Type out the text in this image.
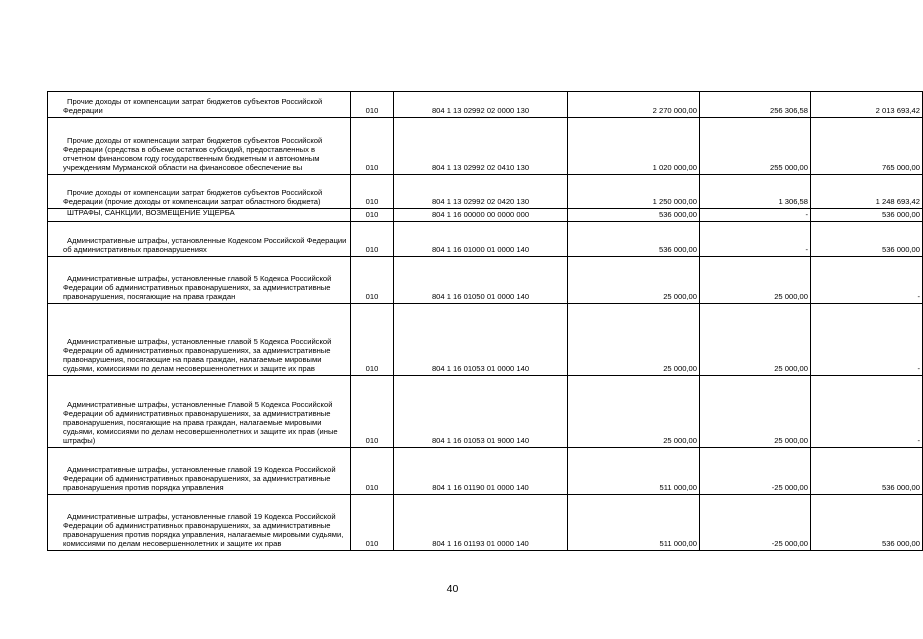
Прочие доходы от компенсации затрат бюджетов субъектов Российской Федерации	010	804 1 13 02992 02 0000 130	2 270 000,00	256 306,58	2 013 693,42

Прочие доходы от компенсации затрат бюджетов субъектов Российской Федерации (средства в объеме остатков субсидий, предоставленных в отчетном финансовом году государственным бюджетным и автономным учреждениям Мурманской области на финансовое обеспечение вы	010	804 1 13 02992 02 0410 130	1 020 000,00	255 000,00	765 000,00

Прочие доходы от компенсации затрат бюджетов субъектов Российской Федерации (прочие доходы от компенсации затрат областного бюджета)	010	804 1 13 02992 02 0420 130	1 250 000,00	1 306,58	1 248 693,42

ШТРАФЫ, САНКЦИИ, ВОЗМЕЩЕНИЕ УЩЕРБА	010	804 1 16 00000 00 0000 000	536 000,00	-	536 000,00

Административные штрафы, установленные Кодексом Российской Федерации об административных правонарушениях	010	804 1 16 01000 01 0000 140	536 000,00	-	536 000,00

Административные штрафы, установленные главой 5 Кодекса Российской Федерации об административных правонарушениях, за административные правонарушения, посягающие на права граждан	010	804 1 16 01050 01 0000 140	25 000,00	25 000,00	-

Административные штрафы, установленные главой 5 Кодекса Российской Федерации об административных правонарушениях, за административные правонарушения, посягающие на права граждан, налагаемые мировыми судьями, комиссиями по делам несовершеннолетних и защите их прав	010	804 1 16 01053 01 0000 140	25 000,00	25 000,00	-

Административные штрафы, установленные Главой 5 Кодекса Российской Федерации об административных правонарушениях, за административные правонарушения, посягающие на права граждан, налагаемые мировыми судьями, комиссиями по делам несовершеннолетних и защите их прав (иные штрафы)	010	804 1 16 01053 01 9000 140	25 000,00	25 000,00	-

Административные штрафы, установленные главой 19 Кодекса Российской Федерации об административных правонарушениях, за административные правонарушения против порядка управления	010	804 1 16 01190 01 0000 140	511 000,00	-25 000,00	536 000,00

Административные штрафы, установленные главой 19 Кодекса Российской Федерации об административных правонарушениях, за административные правонарушения против порядка управления, налагаемые мировыми судьями, комиссиями по делам несовершеннолетних и защите их прав	010	804 1 16 01193 01 0000 140	511 000,00	-25 000,00	536 000,00
40
